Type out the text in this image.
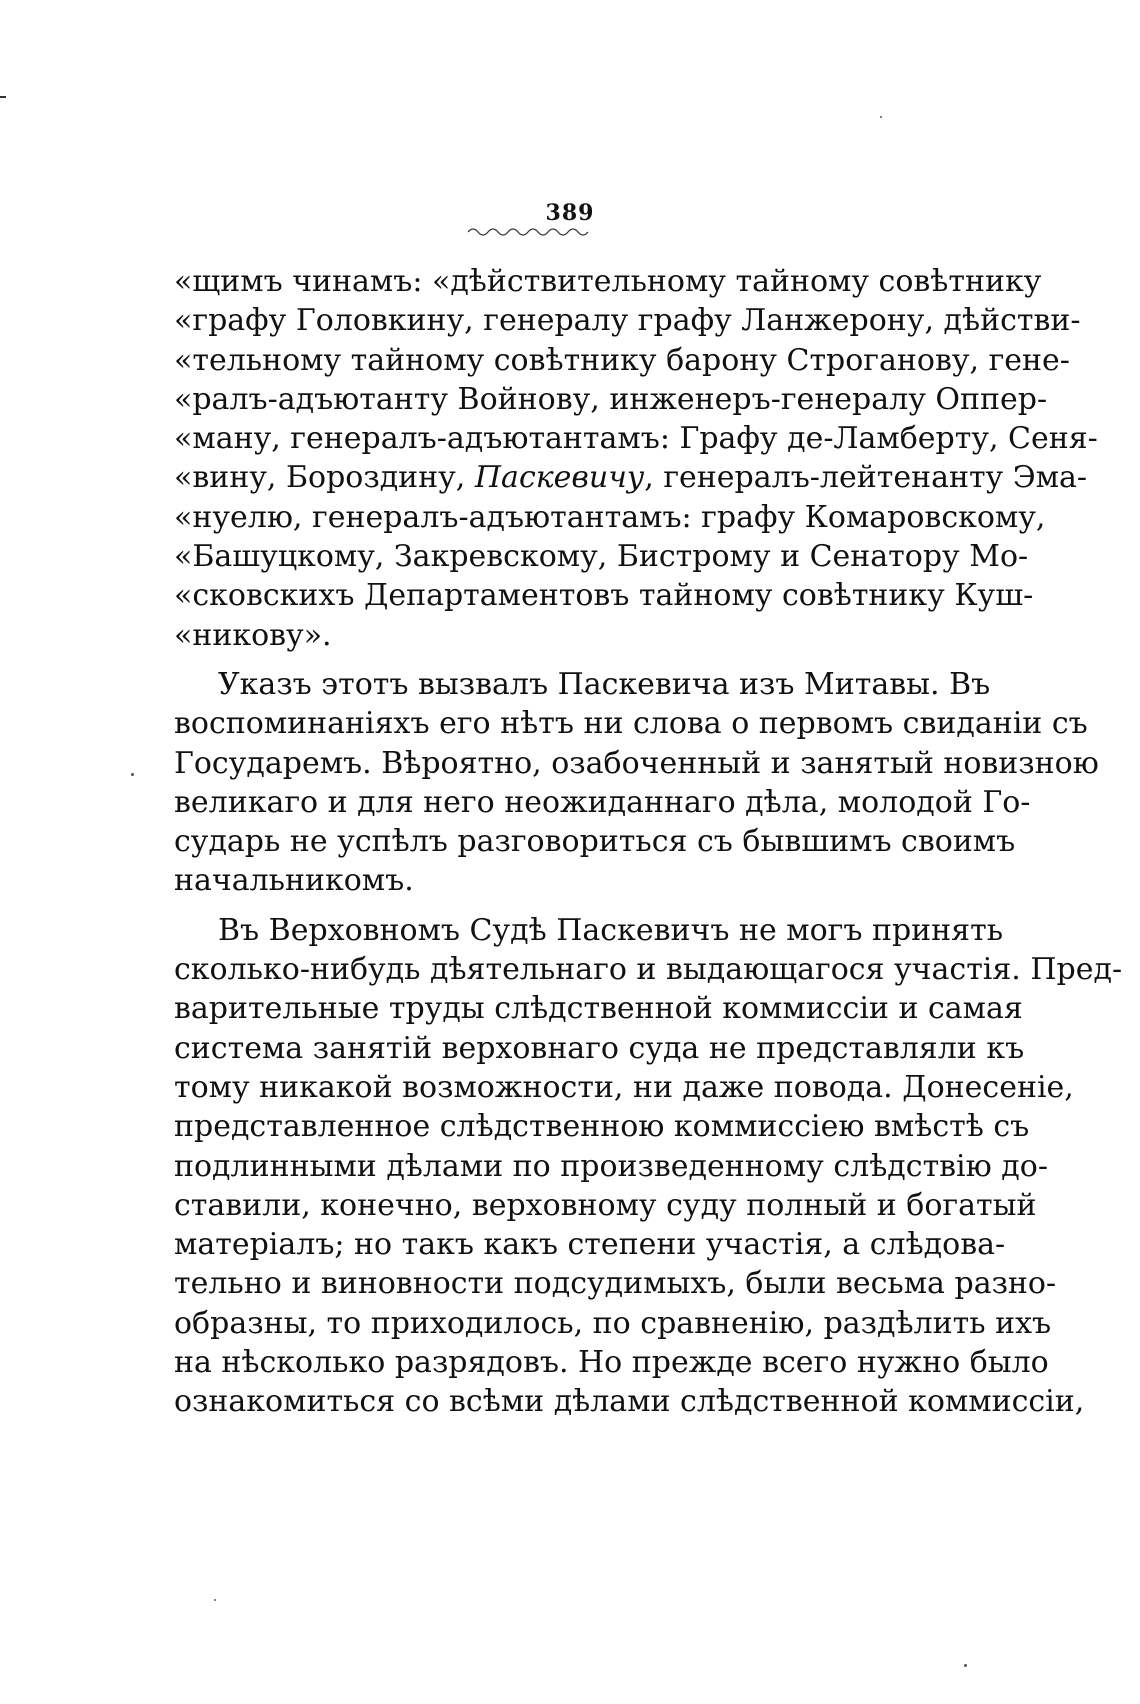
389
«щимъ чинамъ: «дѣйствительному тайному совѣтнику
«графу Головкину, генералу графу Ланжерону, дѣйстви-
«тельному тайному совѣтнику барону Строганову, гене-
«ралъ-адъютанту Войнову, инженеръ-генералу Оппер-
«ману, генералъ-адъютантамъ: Графу де-Ламберту, Сеня-
«вину, Бороздину, Паскевичу, генералъ-лейтенанту Эма-
«нуелю, генералъ-адъютантамъ: графу Комаровскому,
«Башуцкому, Закревскому, Бистрому и Сенатору Мо-
«сковскихъ Департаментовъ тайному совѣтнику Куш-
«никову».
Указъ этотъ вызвалъ Паскевича изъ Митавы. Въ
воспоминаніяхъ его нѣтъ ни слова о первомъ свиданіи съ
Государемъ. Вѣроятно, озабоченный и занятый новизною
великаго и для него неожиданнаго дѣла, молодой Го-
сударь не успѣлъ разговориться съ бывшимъ своимъ
начальникомъ.
Въ Верховномъ Судѣ Паскевичъ не могъ принять
сколько-нибудь дѣятельнаго и выдающагося участія. Пред-
варительные труды слѣдственной коммиссіи и самая
система занятій верховнаго суда не представляли къ
тому никакой возможности, ни даже повода. Донесеніе,
представленное слѣдственною коммиссіею вмѣстѣ съ
подлинными дѣлами по произведенному слѣдствію до-
ставили, конечно, верховному суду полный и богатый
матеріалъ; но такъ какъ степени участія, а слѣдова-
тельно и виновности подсудимыхъ, были весьма разно-
образны, то приходилось, по сравненію, раздѣлить ихъ
на нѣсколько разрядовъ. Но прежде всего нужно было
ознакомиться со всѣми дѣлами слѣдственной коммиссіи,
